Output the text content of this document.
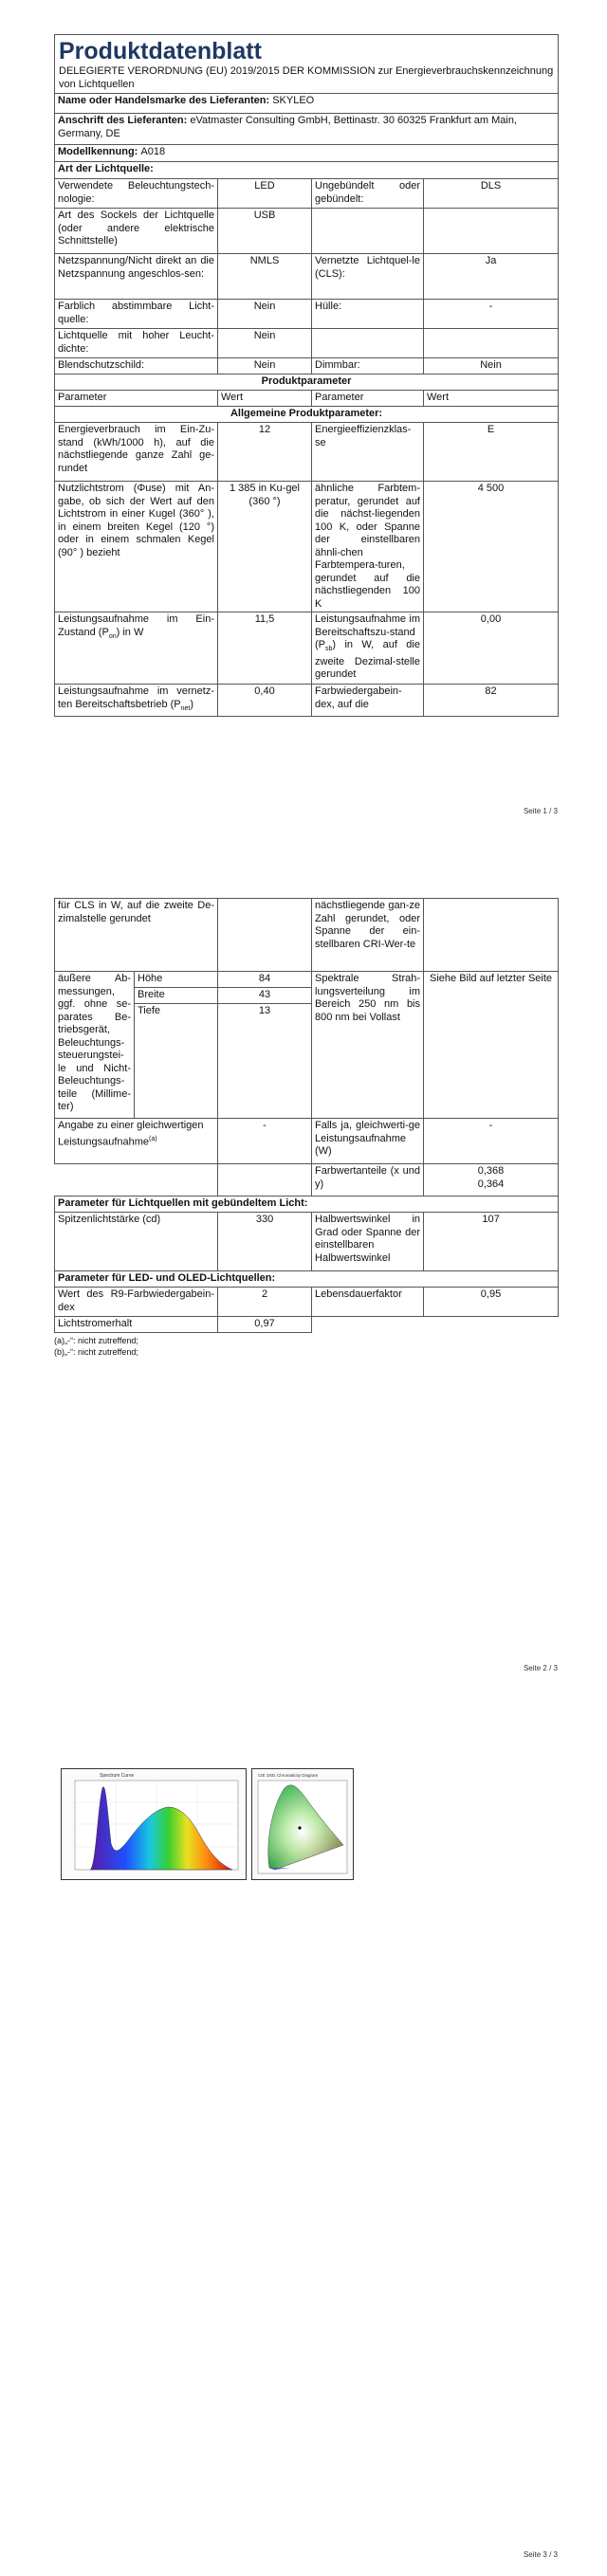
Produktdatenblatt
DELEGIERTE VERORDNUNG (EU) 2019/2015 DER KOMMISSION zur Energieverbrauchskennzeichnung von Lichtquellen			

Name oder Handelsmarke des Lieferanten: SKYLEO			
Anschrift des Lieferanten: eVatmaster Consulting GmbH, Bettinastr. 30 60325 Frankfurt am Main, Germany, DE			
Modellkennung: A018			
Art der Lichtquelle:			
Verwendete Beleuchtungstech-nologie:	LED	Ungebündelt oder gebündelt:	DLS
Art des Sockels der Lichtquelle (oder andere elektrische Schnittstelle)	USB		
Netzspannung/Nicht direkt an die Netzspannung angeschlos-sen:	NMLS	Vernetzte Lichtquel-le (CLS):	Ja
Farblich abstimmbare Licht-quelle:	Nein	Hülle:	-
Lichtquelle mit hoher Leucht-dichte:	Nein		
Blendschutzschild:	Nein	Dimmbar:	Nein
Produktparameter			
Parameter	Wert	Parameter	Wert
Allgemeine Produktparameter:			
Energieverbrauch im Ein-Zu-stand (kWh/1000 h), auf die nächstliegende ganze Zahl ge-rundet	12	Energieeffizienzklas-se	E
Nutzlichtstrom (Φuse) mit An-gabe, ob sich der Wert auf den Lichtstrom in einer Kugel (360° ), in einem breiten Kegel (120 °) oder in einem schmalen Kegel (90° ) bezieht	1 385 in Ku-gel (360 °)	ähnliche Farbtem-peratur, gerundet auf die nächst-liegenden 100 K, oder Spanne der einstellbaren ähnli-chen Farbtempera-turen, gerundet auf die nächstliegenden 100 K	4 500
Leistungsaufnahme im Ein-Zustand $(P_{on})$ in W	11,5	Leistungsaufnahme im Bereitschaftszu-stand $(P_{sb})$ in W, auf die zweite Dezimal-stelle gerundet	0,00
Leistungsaufnahme im vernetz-ten Bereitschaftsbetrieb $(P_{net})$	0,40	Farbwiedergabein-dex, auf die	82
Seite 1 / 3
für CLS in W, auf die zweite De-zimalstelle gerundet			nächstliegende gan-ze Zahl gerundet, oder Spanne der ein-stellbaren CRI-Wer-te	
äußere Ab-messungen, ggf. ohne se-parates Be-triebsgerät, Beleuchtungs-steuerungstei-le und Nicht-Beleuchtungs-teile (Millime-ter)	Höhe	84	Spektrale Strah-lungsverteilung im Bereich 250 nm bis 800 nm bei Vollast	Siehe Bild auf letzter Seite
	Breite	43		
	Tiefe	13		
Angabe zu einer gleichwertigen Leistungsaufnahme$^{(a)}$		-	Falls ja, gleichwerti-ge Leistungsaufnahme (W)	-
			Farbwertanteile (x und y)	0,368
0,364

Parameter für Lichtquellen mit gebündeltem Licht:				
Spitzenlichtstärke (cd)		330	Halbwertswinkel in Grad oder Spanne der einstellbaren Halbwertswinkel	107
Parameter für LED- und OLED-Lichtquellen:				
Wert des R9-Farbwiedergabein-dex		2	Lebensdauerfaktor	0,95
Lichtstromerhalt		0,97		
(a)„-“: nicht zutreffend;
(b)„-“: nicht zutreffend;
Seite 2 / 3
Spectrum Curve	CIE 1931 Chromaticity Diagram
Seite 3 / 3
